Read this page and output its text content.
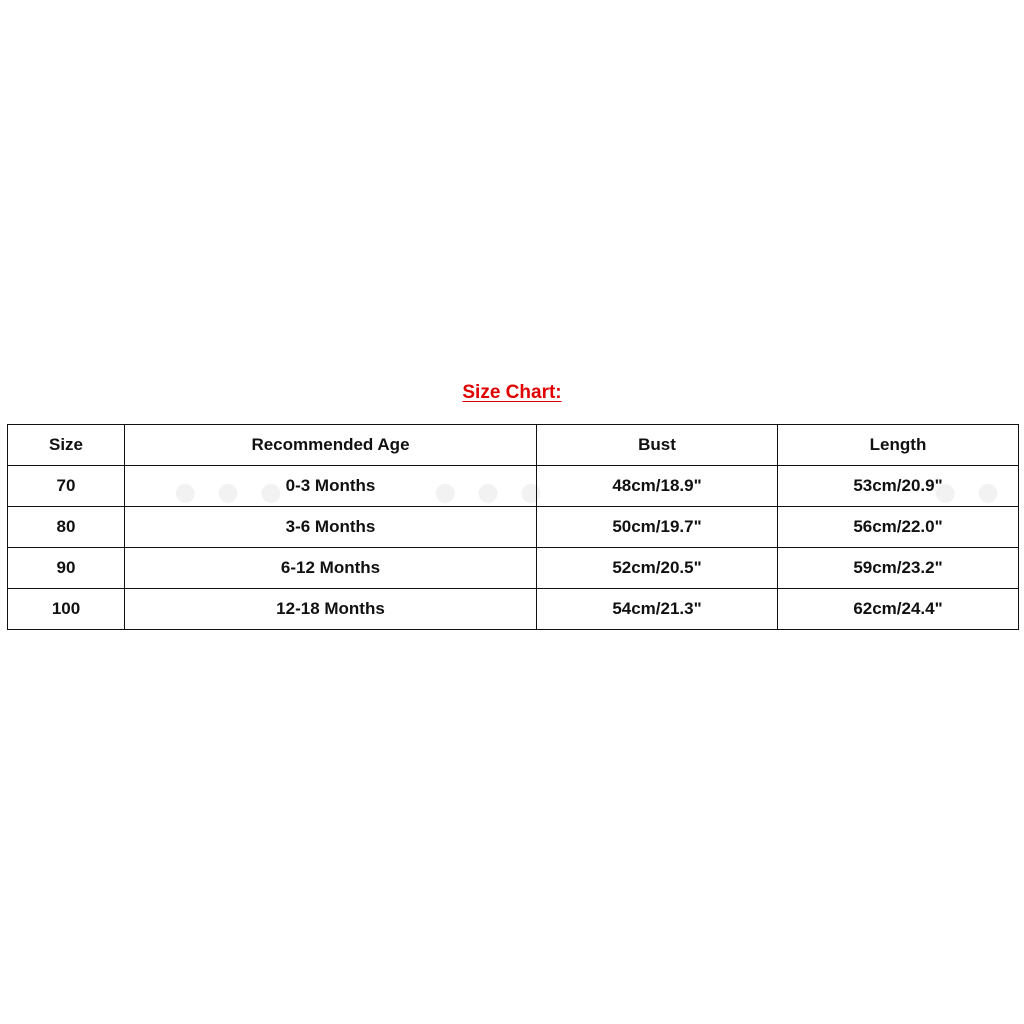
● ● ●	● ● ●	● ●
Size Chart:
Size	Recommended Age	Bust	Length
70	0-3 Months	48cm/18.9"	53cm/20.9"
80	3-6 Months	50cm/19.7"	56cm/22.0"
90	6-12 Months	52cm/20.5"	59cm/23.2"
100	12-18 Months	54cm/21.3"	62cm/24.4"
